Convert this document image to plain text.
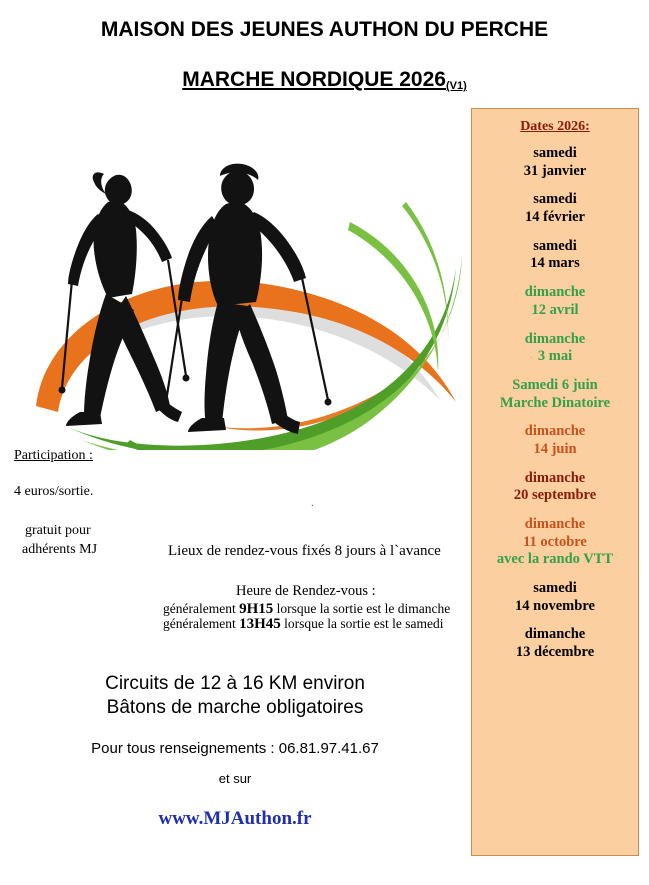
MAISON DES JEUNES AUTHON DU PERCHE
MARCHE NORDIQUE 2026(V1)
Participation :
4 euros/sortie.
gratuit pour
adhérents MJ
.
Lieux de rendez-vous fixés 8 jours à l`avance
Heure de Rendez-vous :
généralement 9H15 lorsque la sortie est le dimanche
généralement 13H45 lorsque la sortie est le samedi
Circuits de 12 à 16 KM environ
Bâtons de marche obligatoires
Pour tous renseignements : 06.81.97.41.67
et sur
www.MJAuthon.fr
Dates 2026:
samedi
31 janvier
samedi
14 février
samedi
14 mars
dimanche
12 avril
dimanche
3 mai
Samedi 6 juin
Marche Dinatoire
dimanche
14 juin
dimanche
20 septembre
dimanche
11 octobre
avec la rando VTT
samedi
14 novembre
dimanche
13 décembre
